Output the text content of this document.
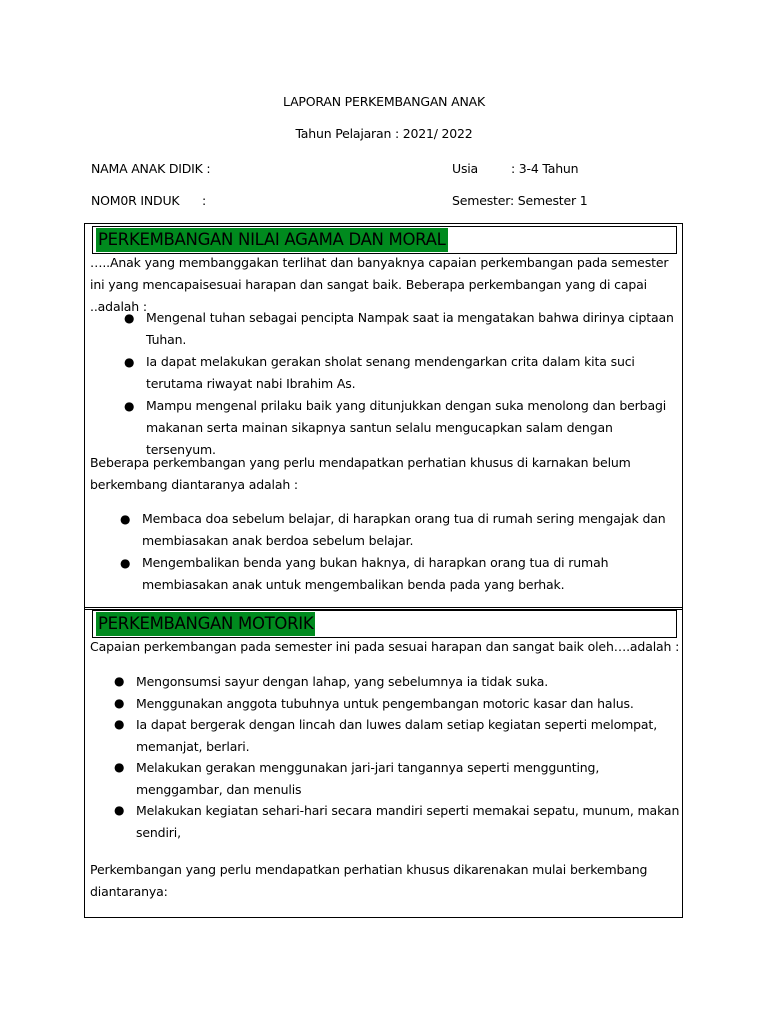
LAPORAN PERKEMBANGAN ANAK
Tahun Pelajaran : 2021/ 2022
NAMA ANAK DIDIK :
NOM0R INDUK :
Usia	: 3-4 Tahun
Semester : Semester 1
PERKEMBANGAN NILAI AGAMA DAN MORAL
…..Anak yang membanggakan terlihat dan banyaknya capaian perkembangan pada semester ini yang mencapaisesuai harapan dan sangat baik. Beberapa perkembangan yang di capai ..adalah :
● Mengenal tuhan sebagai pencipta Nampak saat ia mengatakan bahwa dirinya ciptaan Tuhan.
● Ia dapat melakukan gerakan sholat senang mendengarkan crita dalam kita suci terutama riwayat nabi Ibrahim As.
● Mampu mengenal prilaku baik yang ditunjukkan dengan suka menolong dan berbagi makanan serta mainan sikapnya santun selalu mengucapkan salam dengan tersenyum.
Beberapa perkembangan yang perlu mendapatkan perhatian khusus di karnakan belum berkembang diantaranya adalah :
● Membaca doa sebelum belajar, di harapkan orang tua di rumah sering mengajak dan membiasakan anak berdoa sebelum belajar.
● Mengembalikan benda yang bukan haknya, di harapkan orang tua di rumah membiasakan anak untuk mengembalikan benda pada yang berhak.
PERKEMBANGAN MOTORIK
Capaian perkembangan pada semester ini pada sesuai harapan dan sangat baik oleh….adalah :
● Mengonsumsi sayur dengan lahap, yang sebelumnya ia tidak suka.
● Menggunakan anggota tubuhnya untuk pengembangan motoric kasar dan halus.
● Ia dapat bergerak dengan lincah dan luwes dalam setiap kegiatan seperti melompat, memanjat, berlari.
● Melakukan gerakan menggunakan jari-jari tangannya seperti menggunting, menggambar, dan menulis
● Melakukan kegiatan sehari-hari secara mandiri seperti memakai sepatu, munum, makan sendiri,
Perkembangan yang perlu mendapatkan perhatian khusus dikarenakan mulai berkembang diantaranya:
